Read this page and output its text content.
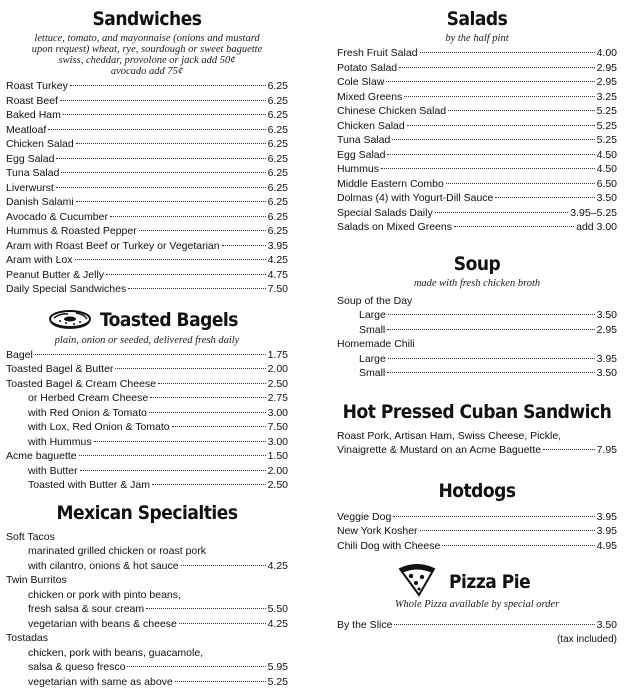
Sandwiches
lettuce, tomato, and mayonnaise (onions and mustard
upon request) wheat, rye, sourdough or sweet baguette
swiss, cheddar, provolone or jack add 50¢
avocado add 75¢
Roast Turkey	6.25
Roast Beef	6.25
Baked Ham	6.25
Meatloaf	6.25
Chicken Salad	6.25
Egg Salad	6.25
Tuna Salad	6.25
Liverwurst	6.25
Danish Salami	6.25
Avocado & Cucumber	6.25
Hummus & Roasted Pepper	6.25
Aram with Roast Beef or Turkey or Vegetarian	3.95
Aram with Lox	4.25
Peanut Butter & Jelly	4.75
Daily Special Sandwiches	7.50
Toasted Bagels
plain, onion or seeded, delivered fresh daily
Bagel	1.75
Toasted Bagel & Butter	2.00
Toasted Bagel & Cream Cheese	2.50
or Herbed Cream Cheese	2.75
with Red Onion & Tomato	3.00
with Lox, Red Onion & Tomato	7.50
with Hummus	3.00
Acme baguette	1.50
with Butter	2.00
Toasted with Butter & Jam	2.50
Mexican Specialties
Soft Tacos
marinated grilled chicken or roast pork
with cilantro, onions & hot sauce	4.25
Twin Burritos
chicken or pork with pinto beans,
fresh salsa & sour cream	5.50
vegetarian with beans & cheese	4.25
Tostadas
chicken, pork with beans, guacamole,
salsa & queso fresco	5.95
vegetarian with same as above	5.25
Salads
by the half pint
Fresh Fruit Salad	4.00
Potato Salad	2.95
Cole Slaw	2.95
Mixed Greens	3.25
Chinese Chicken Salad	5.25
Chicken Salad	5.25
Tuna Salad	5.25
Egg Salad	4.50
Hummus	4.50
Middle Eastern Combo	6.50
Dolmas (4) with Yogurt-Dill Sauce	3.50
Special Salads Daily	3.95–5.25
Salads on Mixed Greens	add 3.00
Soup
made with fresh chicken broth
Soup of the Day
Large	3.50
Small	2.95
Homemade Chili
Large	3.95
Small	3.50
Hot Pressed Cuban Sandwich
Roast Pork, Artisan Ham, Swiss Cheese, Pickle,
Vinaigrette & Mustard on an Acme Baguette	7.95
Hotdogs
Veggie Dog	3.95
New York Kosher	3.95
Chili Dog with Cheese	4.95
Pizza Pie
Whole Pizza available by special order
By the Slice	3.50
(tax included)
